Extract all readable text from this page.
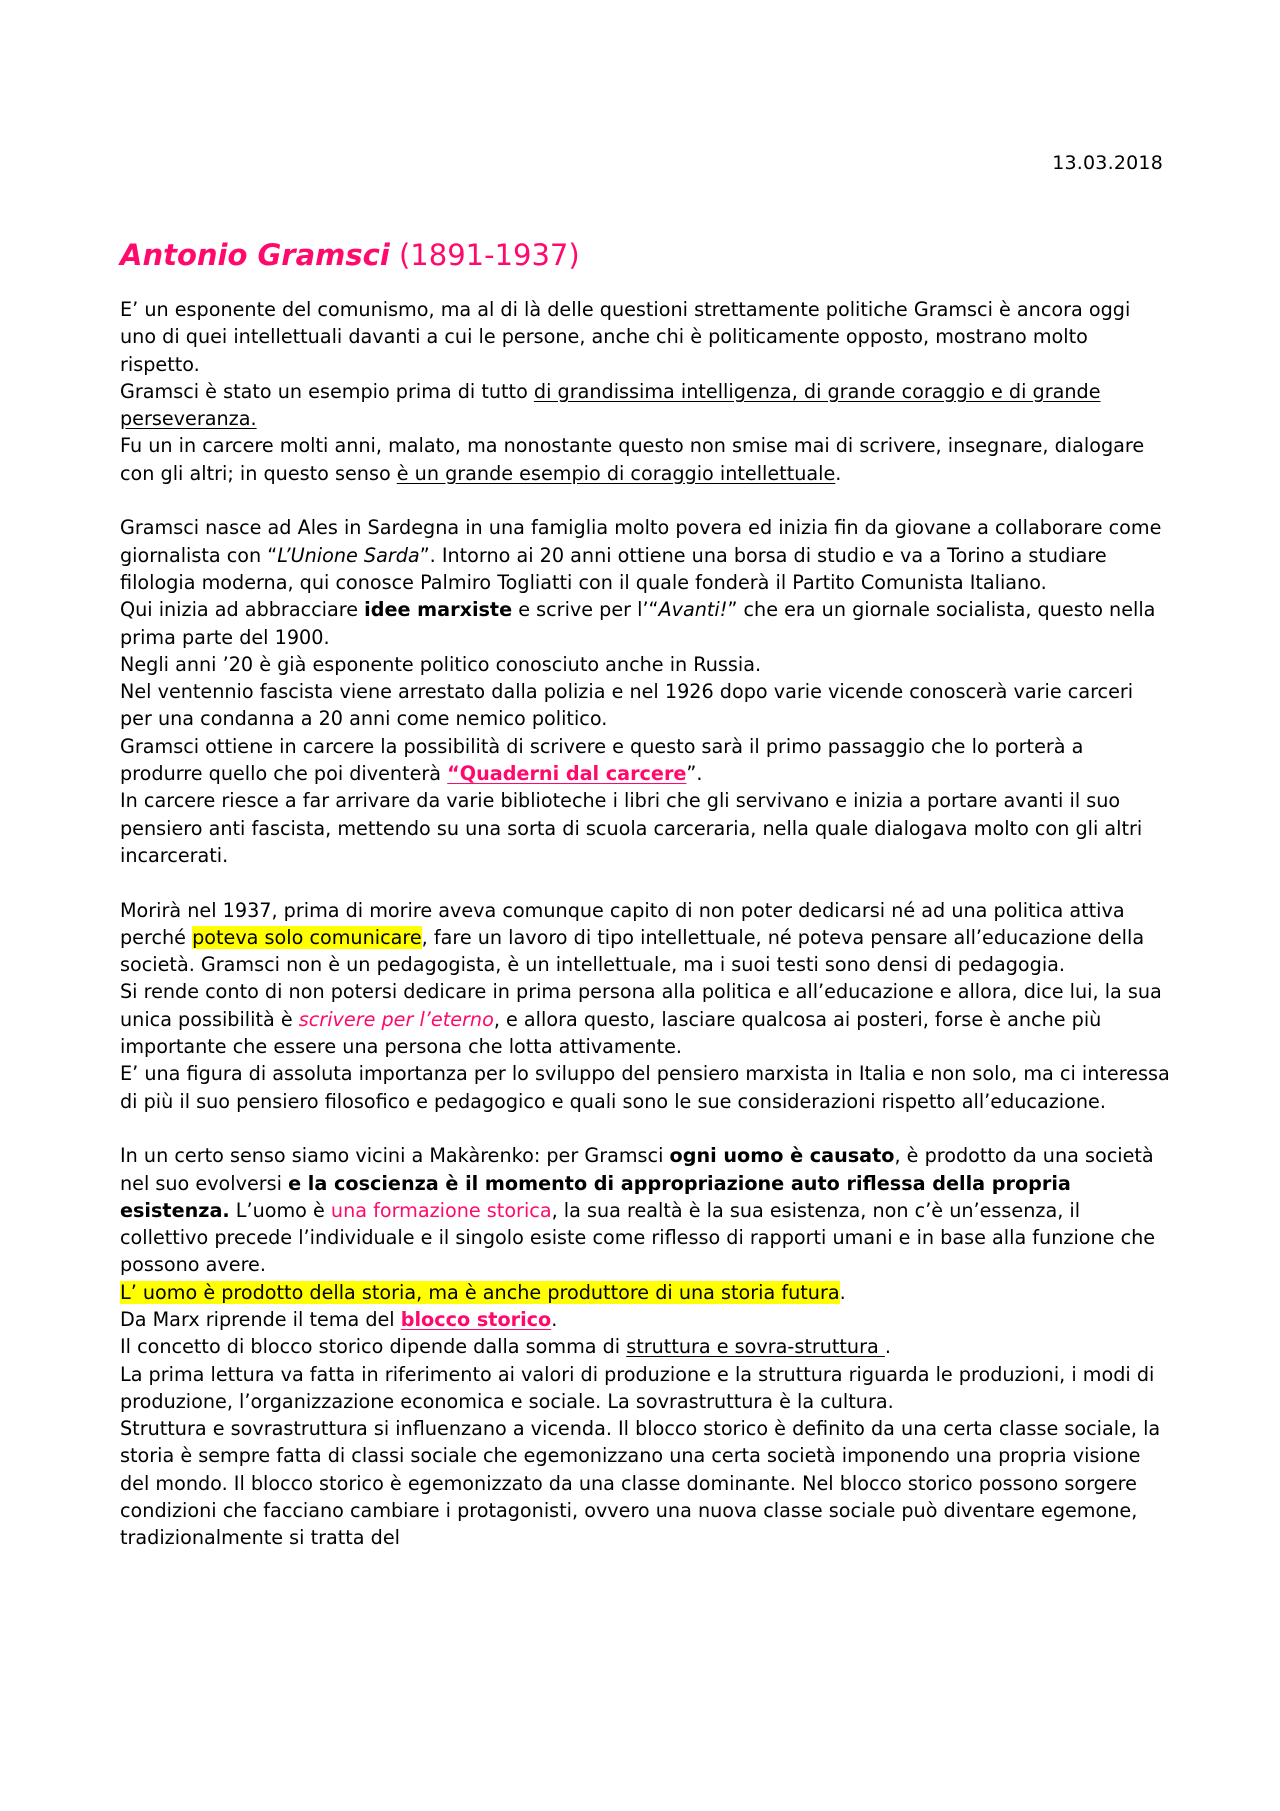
13.03.2018
Antonio Gramsci (1891-1937)

E’ un esponente del comunismo, ma al di là delle questioni strettamente politiche Gramsci è ancora oggi uno di quei intellettuali davanti a cui le persone, anche chi è politicamente opposto, mostrano molto rispetto.
Gramsci è stato un esempio prima di tutto di grandissima intelligenza, di grande coraggio e di grande perseveranza.
Fu un in carcere molti anni, malato, ma nonostante questo non smise mai di scrivere, insegnare, dialogare con gli altri; in questo senso è un grande esempio di coraggio intellettuale.

Gramsci nasce ad Ales in Sardegna in una famiglia molto povera ed inizia fin da giovane a collaborare come giornalista con “L’Unione Sarda”. Intorno ai 20 anni ottiene una borsa di studio e va a Torino a studiare filologia moderna, qui conosce Palmiro Togliatti con il quale fonderà il Partito Comunista Italiano.
Qui inizia ad abbracciare idee marxiste e scrive per l’“Avanti!” che era un giornale socialista, questo nella prima parte del 1900.
Negli anni ’20 è già esponente politico conosciuto anche in Russia.
Nel ventennio fascista viene arrestato dalla polizia e nel 1926 dopo varie vicende conoscerà varie carceri per una condanna a 20 anni come nemico politico.
Gramsci ottiene in carcere la possibilità di scrivere e questo sarà il primo passaggio che lo porterà a produrre quello che poi diventerà “Quaderni dal carcere”.
In carcere riesce a far arrivare da varie biblioteche i libri che gli servivano e inizia a portare avanti il suo pensiero anti fascista, mettendo su una sorta di scuola carceraria, nella quale dialogava molto con gli altri incarcerati.

Morirà nel 1937, prima di morire aveva comunque capito di non poter dedicarsi né ad una politica attiva perché poteva solo comunicare, fare un lavoro di tipo intellettuale, né poteva pensare all’educazione della società. Gramsci non è un pedagogista, è un intellettuale, ma i suoi testi sono densi di pedagogia.
Si rende conto di non potersi dedicare in prima persona alla politica e all’educazione e allora, dice lui, la sua unica possibilità è scrivere per l’eterno, e allora questo, lasciare qualcosa ai posteri, forse è anche più importante che essere una persona che lotta attivamente.
E’ una figura di assoluta importanza per lo sviluppo del pensiero marxista in Italia e non solo, ma ci interessa di più il suo pensiero filosofico e pedagogico e quali sono le sue considerazioni rispetto all’educazione.

In un certo senso siamo vicini a Makàrenko: per Gramsci ogni uomo è causato, è prodotto da una società nel suo evolversi e la coscienza è il momento di appropriazione auto riflessa della propria esistenza. L’uomo è una formazione storica, la sua realtà è la sua esistenza, non c’è un’essenza, il collettivo precede l’individuale e il singolo esiste come riflesso di rapporti umani e in base alla funzione che possono avere.
L’ uomo è prodotto della storia, ma è anche produttore di una storia futura.
Da Marx riprende il tema del blocco storico.
Il concetto di blocco storico dipende dalla somma di struttura e sovra-struttura .
La prima lettura va fatta in riferimento ai valori di produzione e la struttura riguarda le produzioni, i modi di produzione, l’organizzazione economica e sociale. La sovrastruttura è la cultura.
Struttura e sovrastruttura si influenzano a vicenda. Il blocco storico è definito da una certa classe sociale, la storia è sempre fatta di classi sociale che egemonizzano una certa società imponendo una propria visione del mondo. Il blocco storico è egemonizzato da una classe dominante. Nel blocco storico possono sorgere condizioni che facciano cambiare i protagonisti, ovvero una nuova classe sociale può diventare egemone, tradizionalmente si tratta del
